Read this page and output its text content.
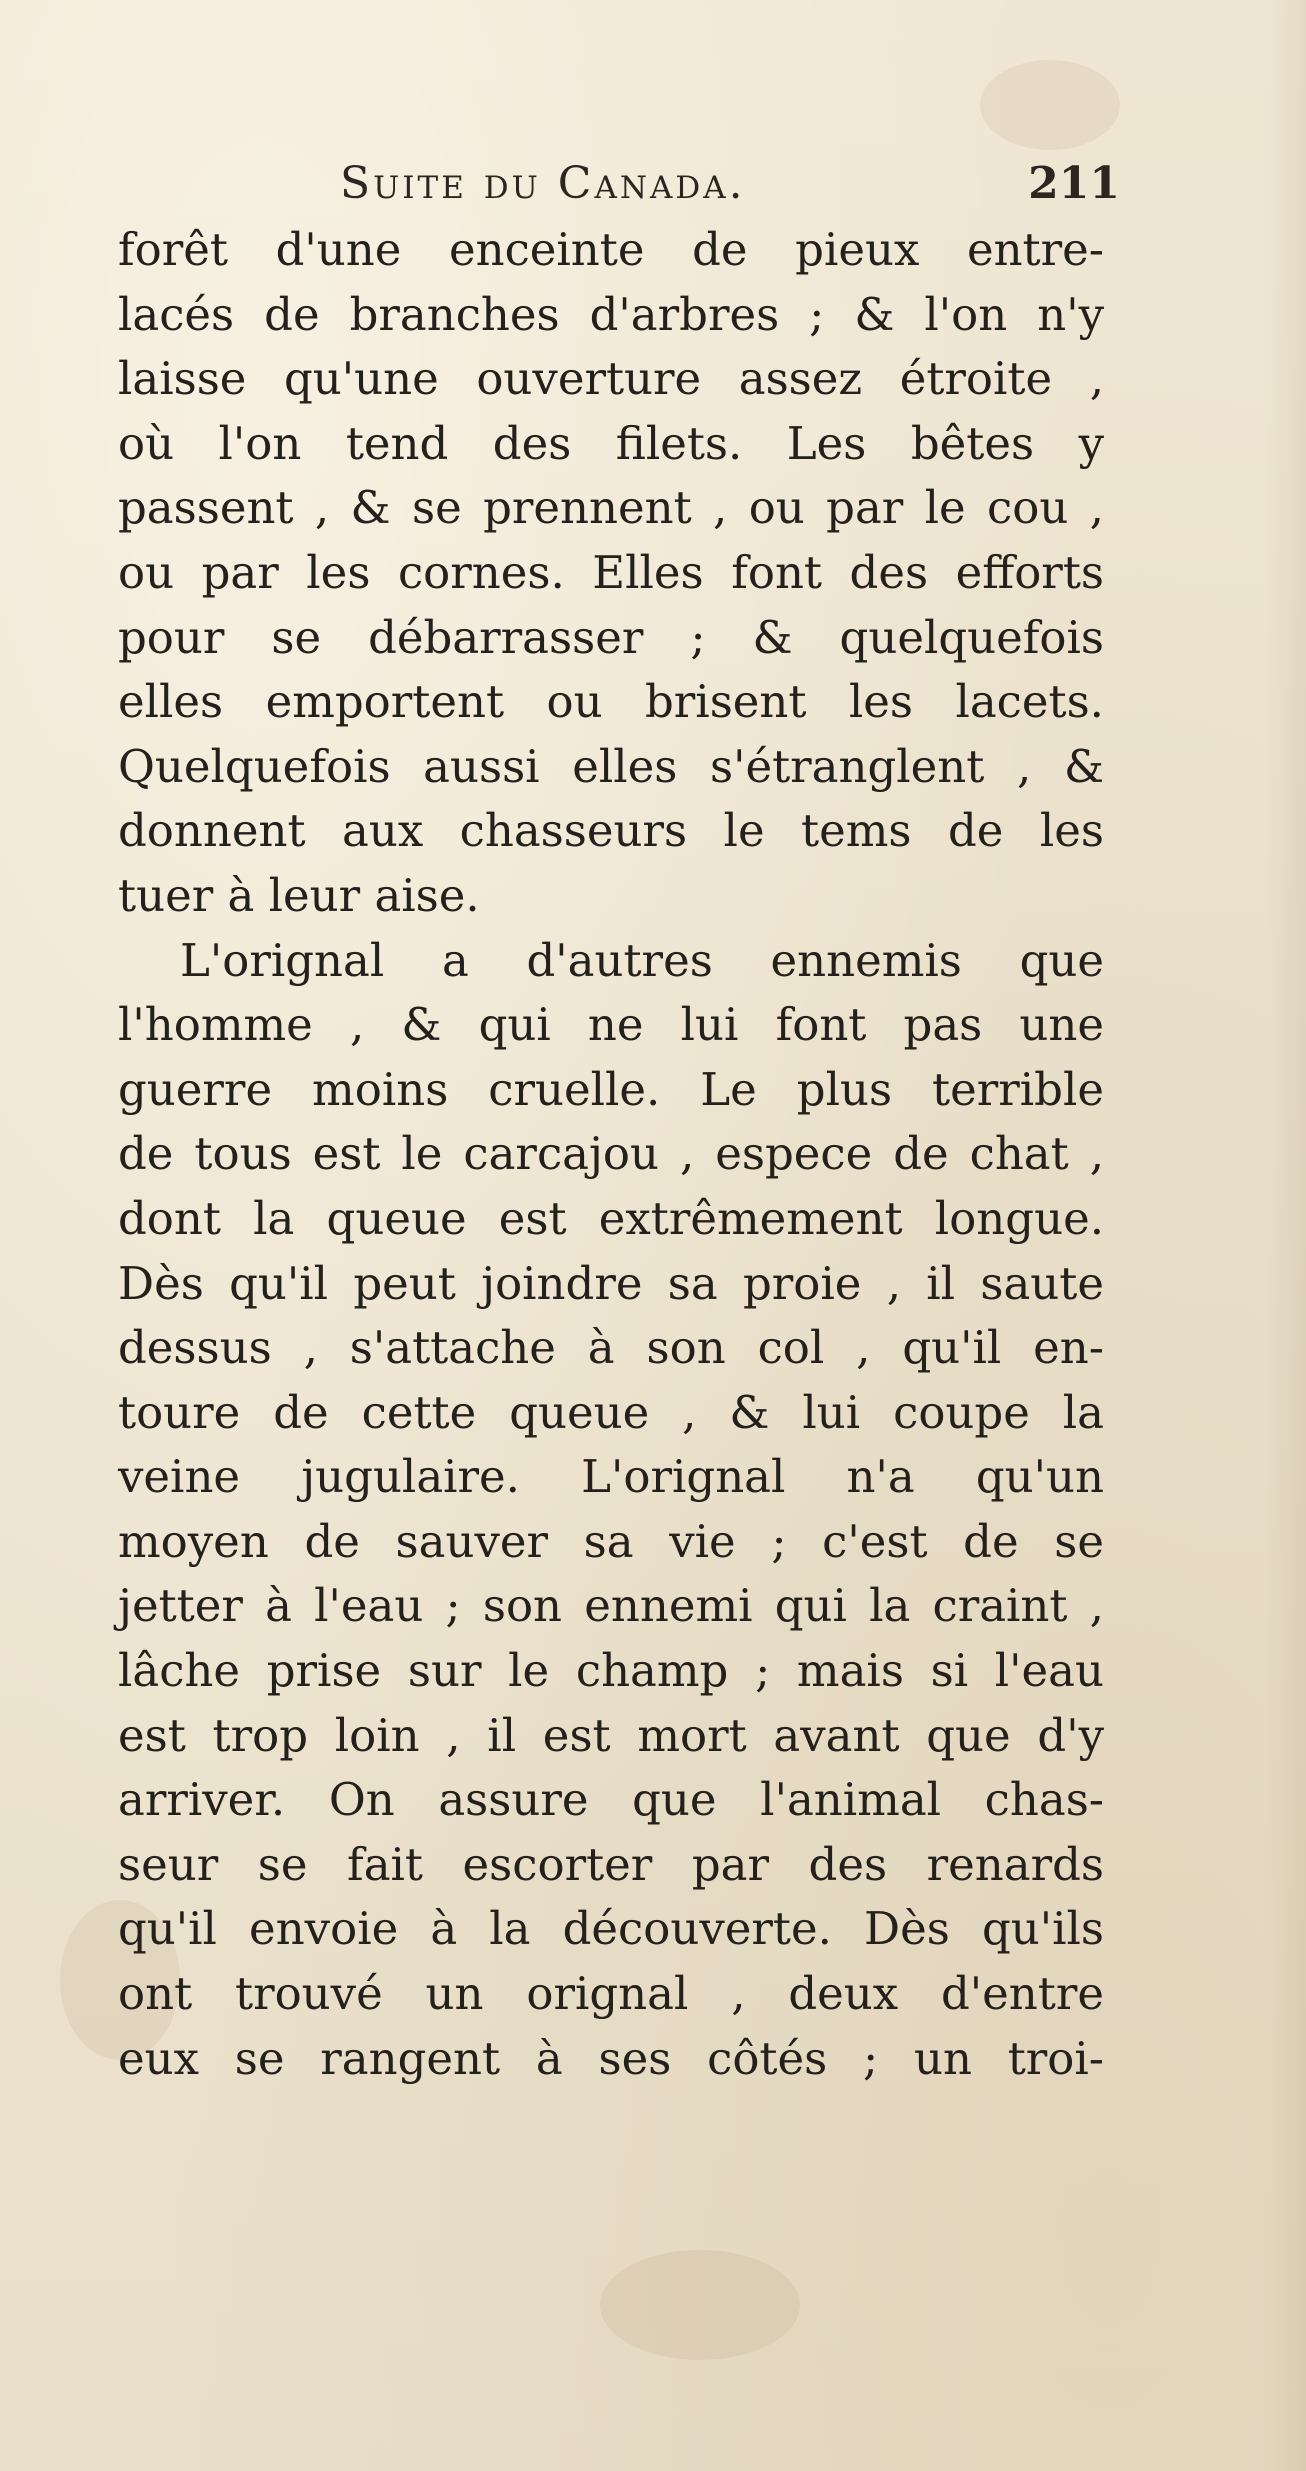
Suite du Canada.	211
forêt d'une enceinte de pieux entre-
lacés de branches d'arbres ; & l'on n'y
laisse qu'une ouverture assez étroite ,
où l'on tend des filets. Les bêtes y
passent , & se prennent , ou par le cou ,
ou par les cornes. Elles font des efforts
pour se débarrasser ; & quelquefois
elles emportent ou brisent les lacets.
Quelquefois aussi elles s'étranglent , &
donnent aux chasseurs le tems de les
tuer à leur aise.
L'orignal a d'autres ennemis que
l'homme , & qui ne lui font pas une
guerre moins cruelle. Le plus terrible
de tous est le carcajou , espece de chat ,
dont la queue est extrêmement longue.
Dès qu'il peut joindre sa proie , il saute
dessus , s'attache à son col , qu'il en-
toure de cette queue , & lui coupe la
veine jugulaire. L'orignal n'a qu'un
moyen de sauver sa vie ; c'est de se
jetter à l'eau ; son ennemi qui la craint ,
lâche prise sur le champ ; mais si l'eau
est trop loin , il est mort avant que d'y
arriver. On assure que l'animal chas-
seur se fait escorter par des renards
qu'il envoie à la découverte. Dès qu'ils
ont trouvé un orignal , deux d'entre
eux se rangent à ses côtés ; un troi-
